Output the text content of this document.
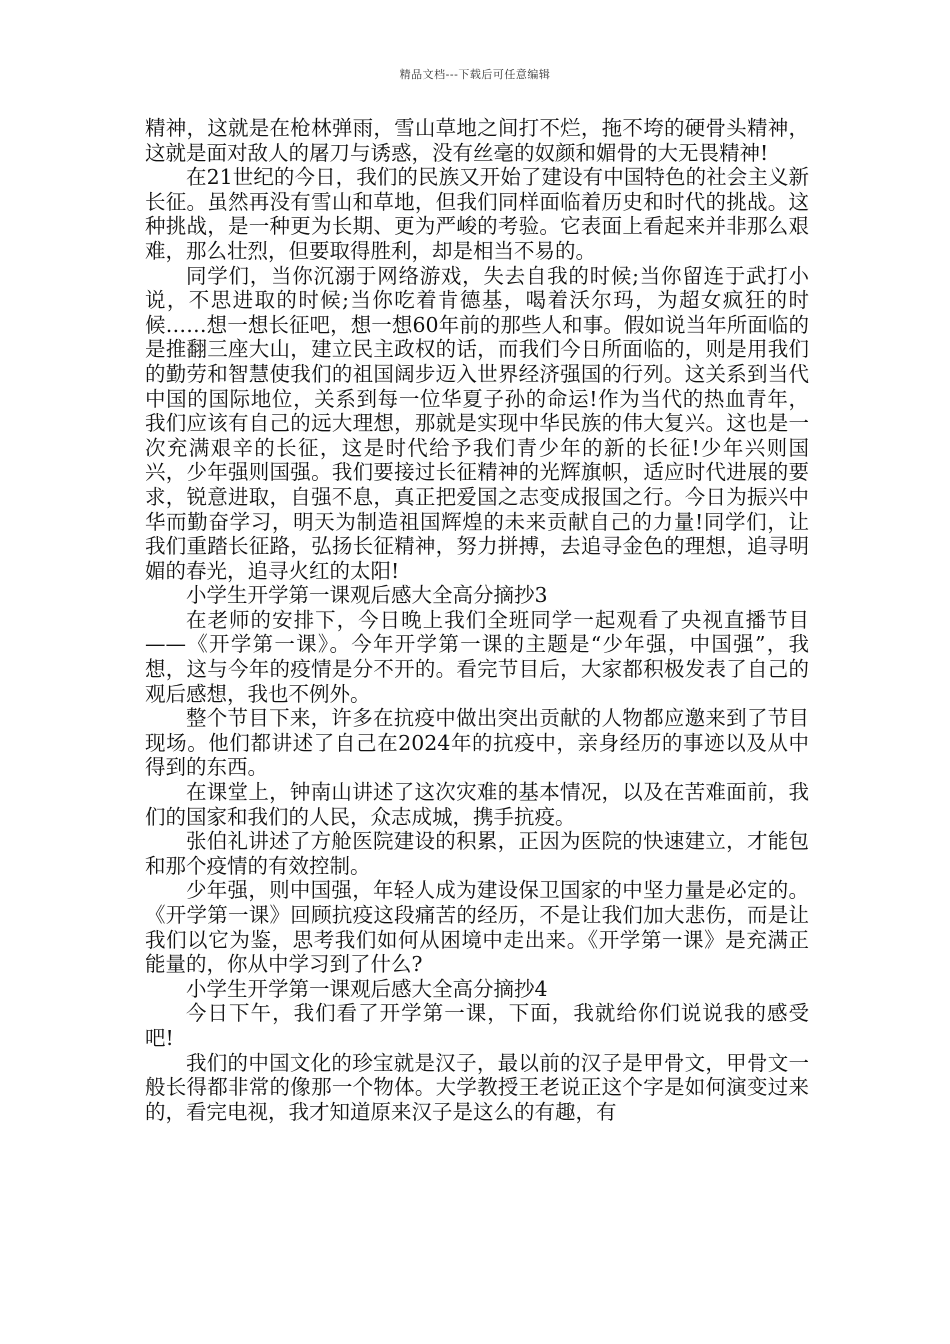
精品文档---下载后可任意编辑

精神，这就是在枪林弹雨，雪山草地之间打不烂，拖不垮的硬骨头精神，这就是面对敌人的屠刀与诱惑，没有丝毫的奴颜和媚骨的大无畏精神!

在21世纪的今日，我们的民族又开始了建设有中国特色的社会主义新长征。虽然再没有雪山和草地，但我们同样面临着历史和时代的挑战。这种挑战，是一种更为长期、更为严峻的考验。它表面上看起来并非那么艰难，那么壮烈，但要取得胜利，却是相当不易的。

同学们，当你沉溺于网络游戏，失去自我的时候;当你留连于武打小说，不思进取的时候;当你吃着肯德基，喝着沃尔玛，为超女疯狂的时候……想一想长征吧，想一想60年前的那些人和事。假如说当年所面临的是推翻三座大山，建立民主政权的话，而我们今日所面临的，则是用我们的勤劳和智慧使我们的祖国阔步迈入世界经济强国的行列。这关系到当代中国的国际地位，关系到每一位华夏子孙的命运!作为当代的热血青年，我们应该有自己的远大理想，那就是实现中华民族的伟大复兴。这也是一次充满艰辛的长征，这是时代给予我们青少年的新的长征!少年兴则国兴，少年强则国强。我们要接过长征精神的光辉旗帜，适应时代进展的要求，锐意进取，自强不息，真正把爱国之志变成报国之行。今日为振兴中华而勤奋学习，明天为制造祖国辉煌的未来贡献自己的力量!同学们，让我们重踏长征路，弘扬长征精神，努力拼搏，去追寻金色的理想，追寻明媚的春光，追寻火红的太阳!

小学生开学第一课观后感大全高分摘抄3

在老师的安排下，今日晚上我们全班同学一起观看了央视直播节目——《开学第一课》。今年开学第一课的主题是“少年强，中国强”，我想，这与今年的疫情是分不开的。看完节目后，大家都积极发表了自己的观后感想，我也不例外。

整个节目下来，许多在抗疫中做出突出贡献的人物都应邀来到了节目现场。他们都讲述了自己在2024年的抗疫中，亲身经历的事迹以及从中得到的东西。

在课堂上，钟南山讲述了这次灾难的基本情况，以及在苦难面前，我们的国家和我们的人民，众志成城，携手抗疫。

张伯礼讲述了方舱医院建设的积累，正因为医院的快速建立，才能包和那个疫情的有效控制。

少年强，则中国强，年轻人成为建设保卫国家的中坚力量是必定的。《开学第一课》回顾抗疫这段痛苦的经历，不是让我们加大悲伤，而是让我们以它为鉴，思考我们如何从困境中走出来。《开学第一课》是充满正能量的，你从中学习到了什么?

小学生开学第一课观后感大全高分摘抄4

今日下午，我们看了开学第一课，下面，我就给你们说说我的感受吧!

我们的中国文化的珍宝就是汉子，最以前的汉子是甲骨文，甲骨文一般长得都非常的像那一个物体。大学教授王老说正这个字是如何演变过来的，看完电视，我才知道原来汉子是这么的有趣，有
